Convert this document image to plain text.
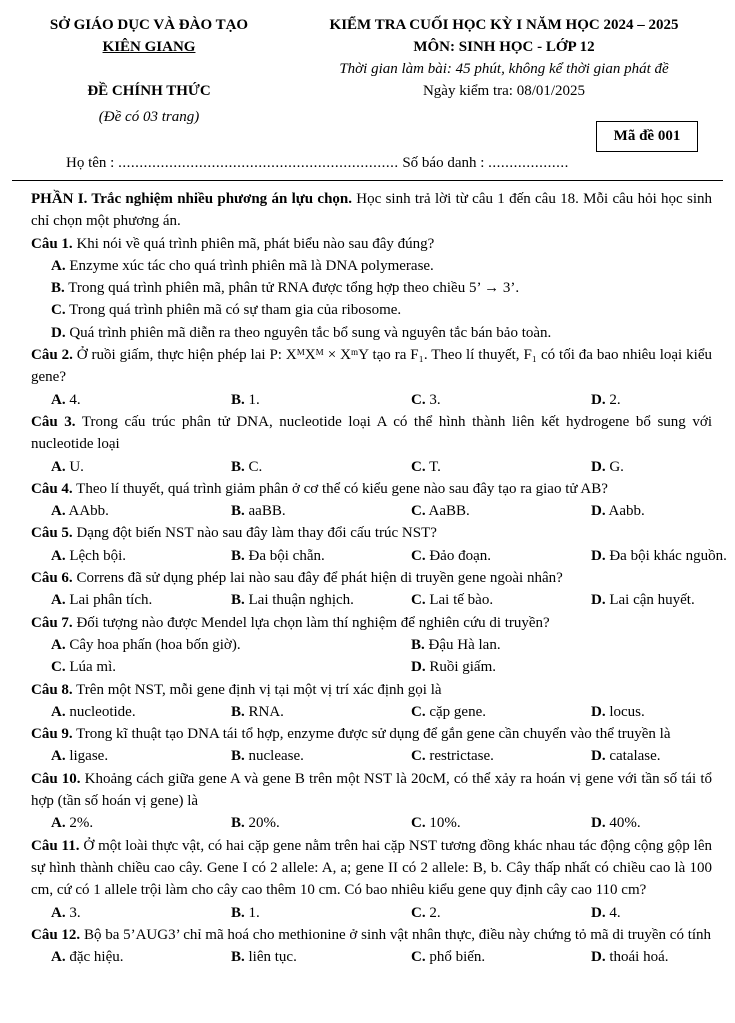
SỞ GIÁO DỤC VÀ ĐÀO TẠO
KIÊN GIANG
ĐỀ CHÍNH THỨC
(Đề có 03 trang)
KIỂM TRA CUỐI HỌC KỲ I NĂM HỌC 2024 – 2025
MÔN: SINH HỌC - LỚP 12
Thời gian làm bài: 45 phút, không kể thời gian phát đề
Ngày kiểm tra: 08/01/2025
Mã đề 001
Họ tên : .................................................................. Số báo danh : ...................
PHẦN I. Trắc nghiệm nhiều phương án lựu chọn. Học sinh trả lời từ câu 1 đến câu 18. Mỗi câu hỏi học sinh chỉ chọn một phương án.
Câu 1. Khi nói về quá trình phiên mã, phát biểu nào sau đây đúng?
A. Enzyme xúc tác cho quá trình phiên mã là DNA polymerase.
B. Trong quá trình phiên mã, phân tử RNA được tổng hợp theo chiều 5’ → 3’.
C. Trong quá trình phiên mã có sự tham gia của ribosome.
D. Quá trình phiên mã diễn ra theo nguyên tắc bổ sung và nguyên tắc bán bảo toàn.
Câu 2. Ở ruồi giấm, thực hiện phép lai P: XᴹXᴹ × XᵐY tạo ra F₁. Theo lí thuyết, F₁ có tối đa bao nhiêu loại kiểu gene?
A. 4.	B. 1.	C. 3.	D. 2.
Câu 3. Trong cấu trúc phân tử DNA, nucleotide loại A có thể hình thành liên kết hydrogene bổ sung với nucleotide loại
A. U.	B. C.	C. T.	D. G.
Câu 4. Theo lí thuyết, quá trình giảm phân ở cơ thể có kiểu gene nào sau đây tạo ra giao tử AB?
A. AAbb.	B. aaBB.	C. AaBB.	D. Aabb.
Câu 5. Dạng đột biến NST nào sau đây làm thay đổi cấu trúc NST?
A. Lệch bội.	B. Đa bội chẵn.	C. Đảo đoạn.	D. Đa bội khác nguồn.
Câu 6. Correns đã sử dụng phép lai nào sau đây để phát hiện di truyền gene ngoài nhân?
A. Lai phân tích.	B. Lai thuận nghịch.	C. Lai tế bào.	D. Lai cận huyết.
Câu 7. Đối tượng nào được Mendel lựa chọn làm thí nghiệm để nghiên cứu di truyền?
A. Cây hoa phấn (hoa bốn giờ).	B. Đậu Hà lan.
C. Lúa mì.	D. Ruồi giấm.
Câu 8. Trên một NST, mỗi gene định vị tại một vị trí xác định gọi là
A. nucleotide.	B. RNA.	C. cặp gene.	D. locus.
Câu 9. Trong kĩ thuật tạo DNA tái tổ hợp, enzyme được sử dụng để gắn gene cần chuyển vào thể truyền là
A. ligase.	B. nuclease.	C. restrictase.	D. catalase.
Câu 10. Khoảng cách giữa gene A và gene B trên một NST là 20cM, có thể xảy ra hoán vị gene với tần số tái tổ hợp (tần số hoán vị gene) là
A. 2%.	B. 20%.	C. 10%.	D. 40%.
Câu 11. Ở một loài thực vật, có hai cặp gene nằm trên hai cặp NST tương đồng khác nhau tác động cộng gộp lên sự hình thành chiều cao cây. Gene I có 2 allele: A, a; gene II có 2 allele: B, b. Cây thấp nhất có chiều cao là 100 cm, cứ có 1 allele trội làm cho cây cao thêm 10 cm. Có bao nhiêu kiểu gene quy định cây cao 110 cm?
A. 3.	B. 1.	C. 2.	D. 4.
Câu 12. Bộ ba 5’AUG3’ chỉ mã hoá cho methionine ở sinh vật nhân thực, điều này chứng tỏ mã di truyền có tính
A. đặc hiệu.	B. liên tục.	C. phổ biến.	D. thoái hoá.
